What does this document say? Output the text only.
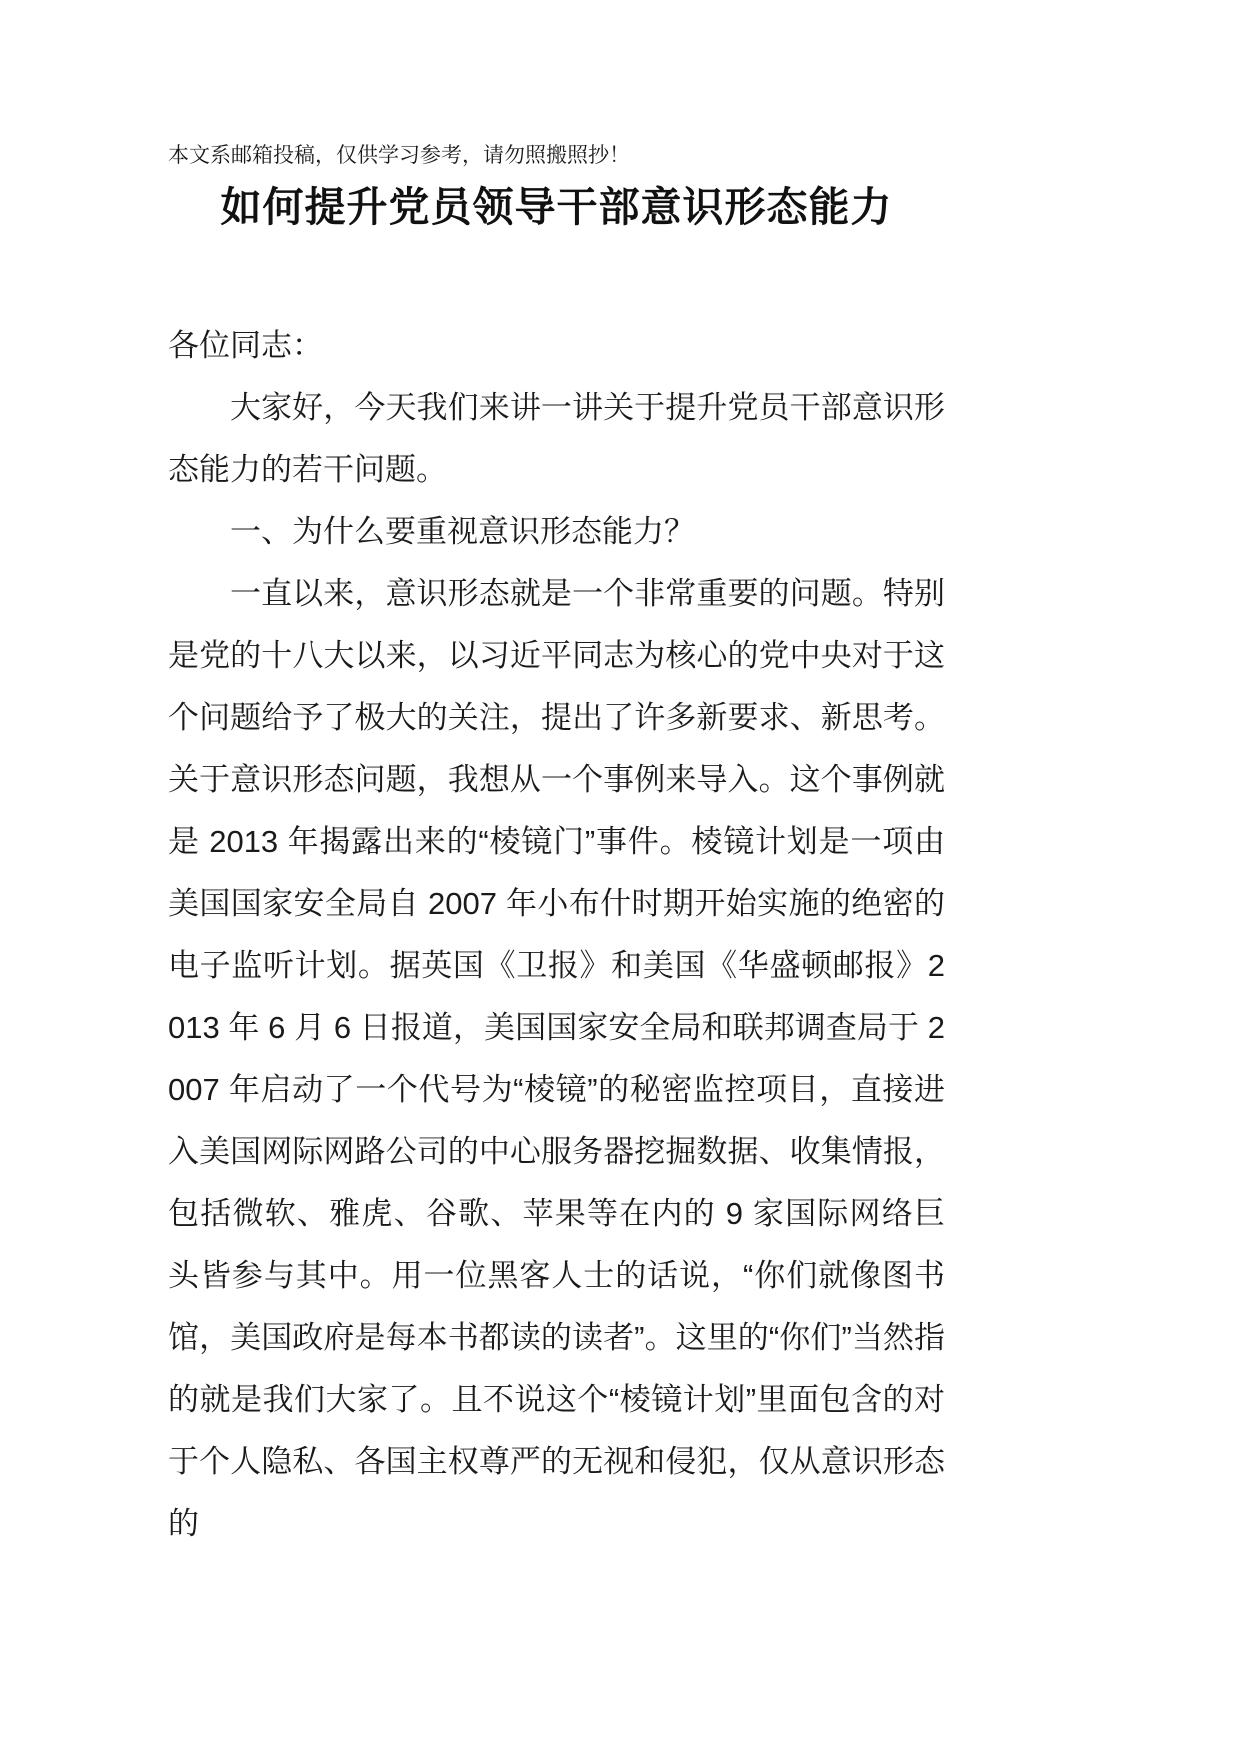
本文系邮箱投稿，仅供学习参考，请勿照搬照抄！
如何提升党员领导干部意识形态能力

各位同志：

大家好，今天我们来讲一讲关于提升党员干部意识形态能力的若干问题。

一、为什么要重视意识形态能力？

一直以来，意识形态就是一个非常重要的问题。特别是党的十八大以来，以习近平同志为核心的党中央对于这个问题给予了极大的关注，提出了许多新要求、新思考。关于意识形态问题，我想从一个事例来导入。这个事例就是 2013 年揭露出来的“棱镜门”事件。棱镜计划是一项由美国国家安全局自 2007 年小布什时期开始实施的绝密的电子监听计划。据英国《卫报》和美国《华盛顿邮报》2013 年 6 月 6 日报道，美国国家安全局和联邦调查局于 2007 年启动了一个代号为“棱镜”的秘密监控项目，直接进入美国网际网路公司的中心服务器挖掘数据、收集情报，包括微软、雅虎、谷歌、苹果等在内的 9 家国际网络巨头皆参与其中。用一位黑客人士的话说，“你们就像图书馆，美国政府是每本书都读的读者”。这里的“你们”当然指的就是我们大家了。且不说这个“棱镜计划”里面包含的对于个人隐私、各国主权尊严的无视和侵犯，仅从意识形态的
